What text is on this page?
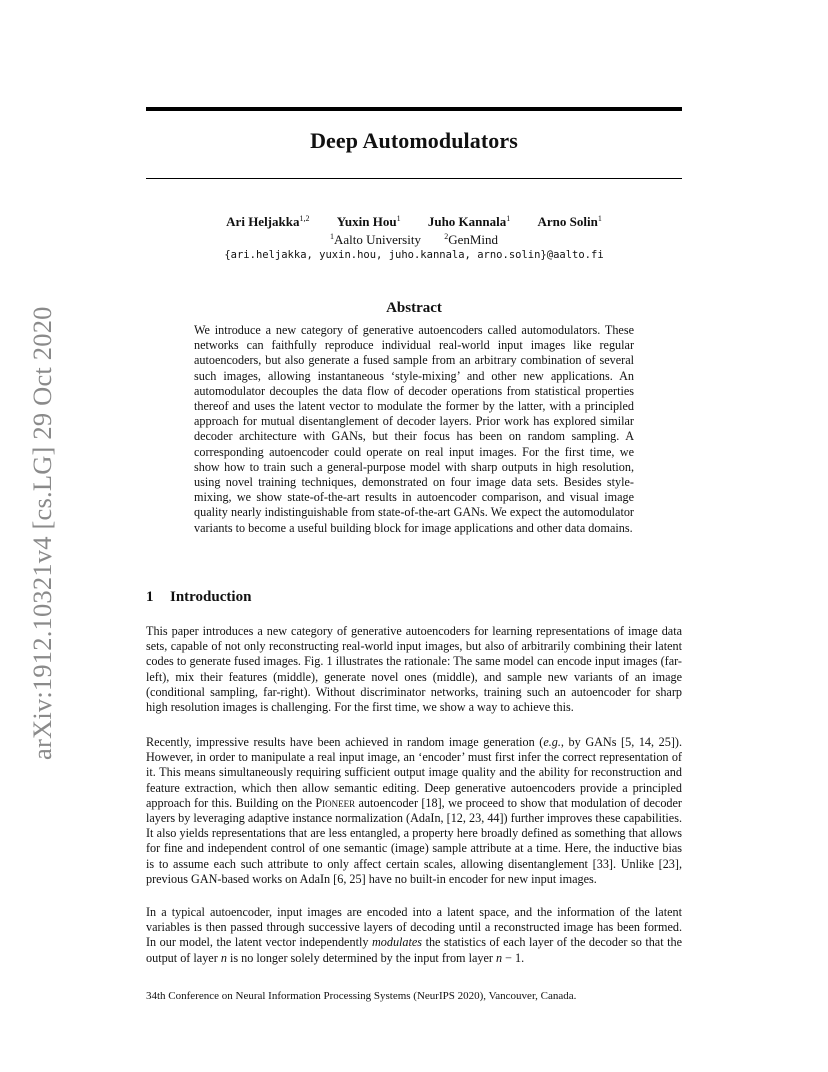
arXiv:1912.10321v4 [cs.LG] 29 Oct 2020
Deep Automodulators
Ari Heljakka$^{1,2}$ Yuxin Hou$^1$ Juho Kannala$^1$ Arno Solin$^1$
$^1$Aalto University	$^2$GenMind
{ari.heljakka, yuxin.hou, juho.kannala, arno.solin}@aalto.fi
Abstract

We introduce a new category of generative autoencoders called automodulators. These networks can faithfully reproduce individual real-world input images like regular autoencoders, but also generate a fused sample from an arbitrary combination of several such images, allowing instantaneous ‘style-mixing’ and other new applications. An automodulator decouples the data flow of decoder operations from statistical properties thereof and uses the latent vector to modulate the former by the latter, with a principled approach for mutual disentanglement of decoder layers. Prior work has explored similar decoder architecture with GANs, but their focus has been on random sampling. A corresponding autoencoder could operate on real input images. For the first time, we show how to train such a general-purpose model with sharp outputs in high resolution, using novel training techniques, demonstrated on four image data sets. Besides style-mixing, we show state-of-the-art results in autoencoder comparison, and visual image quality nearly indistinguishable from state-of-the-art GANs. We expect the automodulator variants to become a useful building block for image applications and other data domains.

1 Introduction

This paper introduces a new category of generative autoencoders for learning representations of image data sets, capable of not only reconstructing real-world input images, but also of arbitrarily combining their latent codes to generate fused images. Fig. 1 illustrates the rationale: The same model can encode input images (far-left), mix their features (middle), generate novel ones (middle), and sample new variants of an image (conditional sampling, far-right). Without discriminator networks, training such an autoencoder for sharp high resolution images is challenging. For the first time, we show a way to achieve this.

Recently, impressive results have been achieved in random image generation (e.g., by GANs [5, 14, 25]). However, in order to manipulate a real input image, an ‘encoder’ must first infer the correct representation of it. This means simultaneously requiring sufficient output image quality and the ability for reconstruction and feature extraction, which then allow semantic editing. Deep generative autoencoders provide a principled approach for this. Building on the Pioneer autoencoder [18], we proceed to show that modulation of decoder layers by leveraging adaptive instance normalization (AdaIn, [12, 23, 44]) further improves these capabilities. It also yields representations that are less entangled, a property here broadly defined as something that allows for fine and independent control of one semantic (image) sample attribute at a time. Here, the inductive bias is to assume each such attribute to only affect certain scales, allowing disentanglement [33]. Unlike [23], previous GAN-based works on AdaIn [6, 25] have no built-in encoder for new input images.

In a typical autoencoder, input images are encoded into a latent space, and the information of the latent variables is then passed through successive layers of decoding until a reconstructed image has been formed. In our model, the latent vector independently modulates the statistics of each layer of the decoder so that the output of layer n is no longer solely determined by the input from layer n − 1.

34th Conference on Neural Information Processing Systems (NeurIPS 2020), Vancouver, Canada.
